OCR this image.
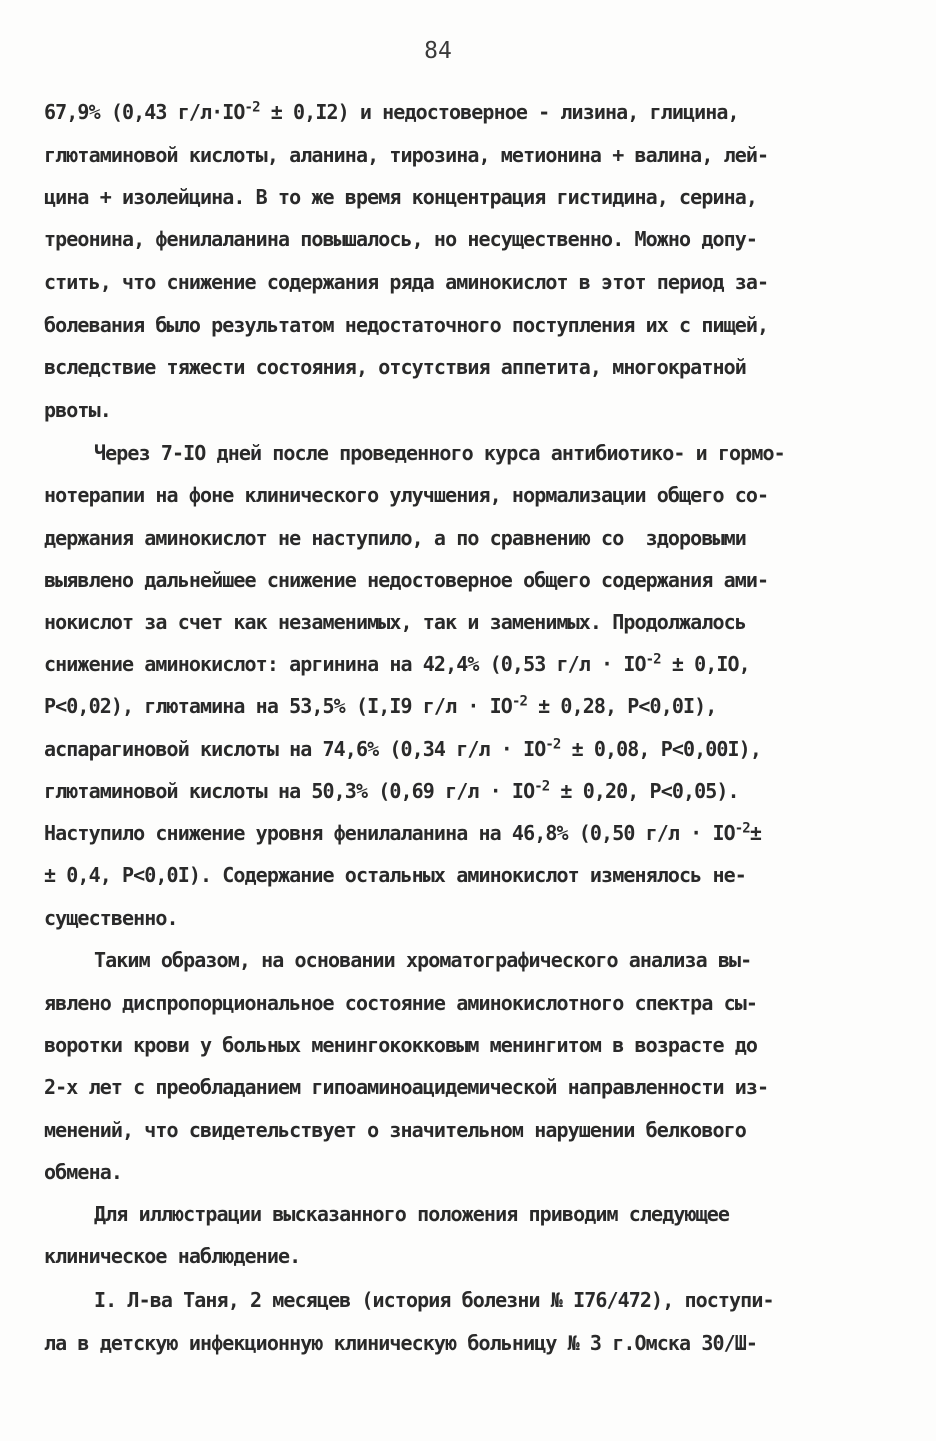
84
67,9% (0,43 $г/л\cdot IO^{-2} \pm 0,I2$) и недостоверное - лизина, глицина,
глютаминовой кислоты, аланина, тирозина, метионина + валина, лей-
цина + изолейцина. В то же время концентрация гистидина, серина,
треонина, фенилаланина повышалось, но несущественно. Можно допу-
стить, что снижение содержания ряда аминокислот в этот период за-
болевания было результатом недостаточного поступления их с пищей,
вследствие тяжести состояния, отсутствия аппетита, многократной
рвоты.
Через 7-IO дней после проведенного курса антибиотико- и гормо-
нотерапии на фоне клинического улучшения, нормализации общего со-
держания аминокислот не наступило, а по сравнению со  здоровыми
выявлено дальнейшее снижение недостоверное общего содержания ами-
нокислот за счет как незаменимых, так и заменимых. Продолжалось
снижение аминокислот: аргинина на 42,4% (0,53 $г/л \cdot IO^{-2} \pm 0,IO$,
P<0,02), глютамина на 53,5% (I,I9 $г/л \cdot IO^{-2} \pm 0,28$, P<0,0I),
аспарагиновой кислоты на 74,6% (0,34 $г/л \cdot IO^{-2} \pm 0,08$, P<0,00I),
глютаминовой кислоты на 50,3% (0,69 $г/л \cdot IO^{-2} \pm 0,20$, P<0,05).
Наступило снижение уровня фенилаланина на 46,8% (0,50 $г/л \cdot IO^{-2}\pm$
± 0,4, P<0,0I). Содержание остальных аминокислот изменялось не-
существенно.
Таким образом, на основании хроматографического анализа вы-
явлено диспропорциональное состояние аминокислотного спектра сы-
воротки крови у больных менингококковым менингитом в возрасте до
2-х лет с преобладанием гипоаминоацидемической направленности из-
менений, что свидетельствует о значительном нарушении белкового
обмена.
Для иллюстрации высказанного положения приводим следующее
клиническое наблюдение.
I. Л-ва Таня, 2 месяцев (история болезни № I76/472), поступи-
ла в детскую инфекционную клиническую больницу № 3 г.Омска 30/Ш-
